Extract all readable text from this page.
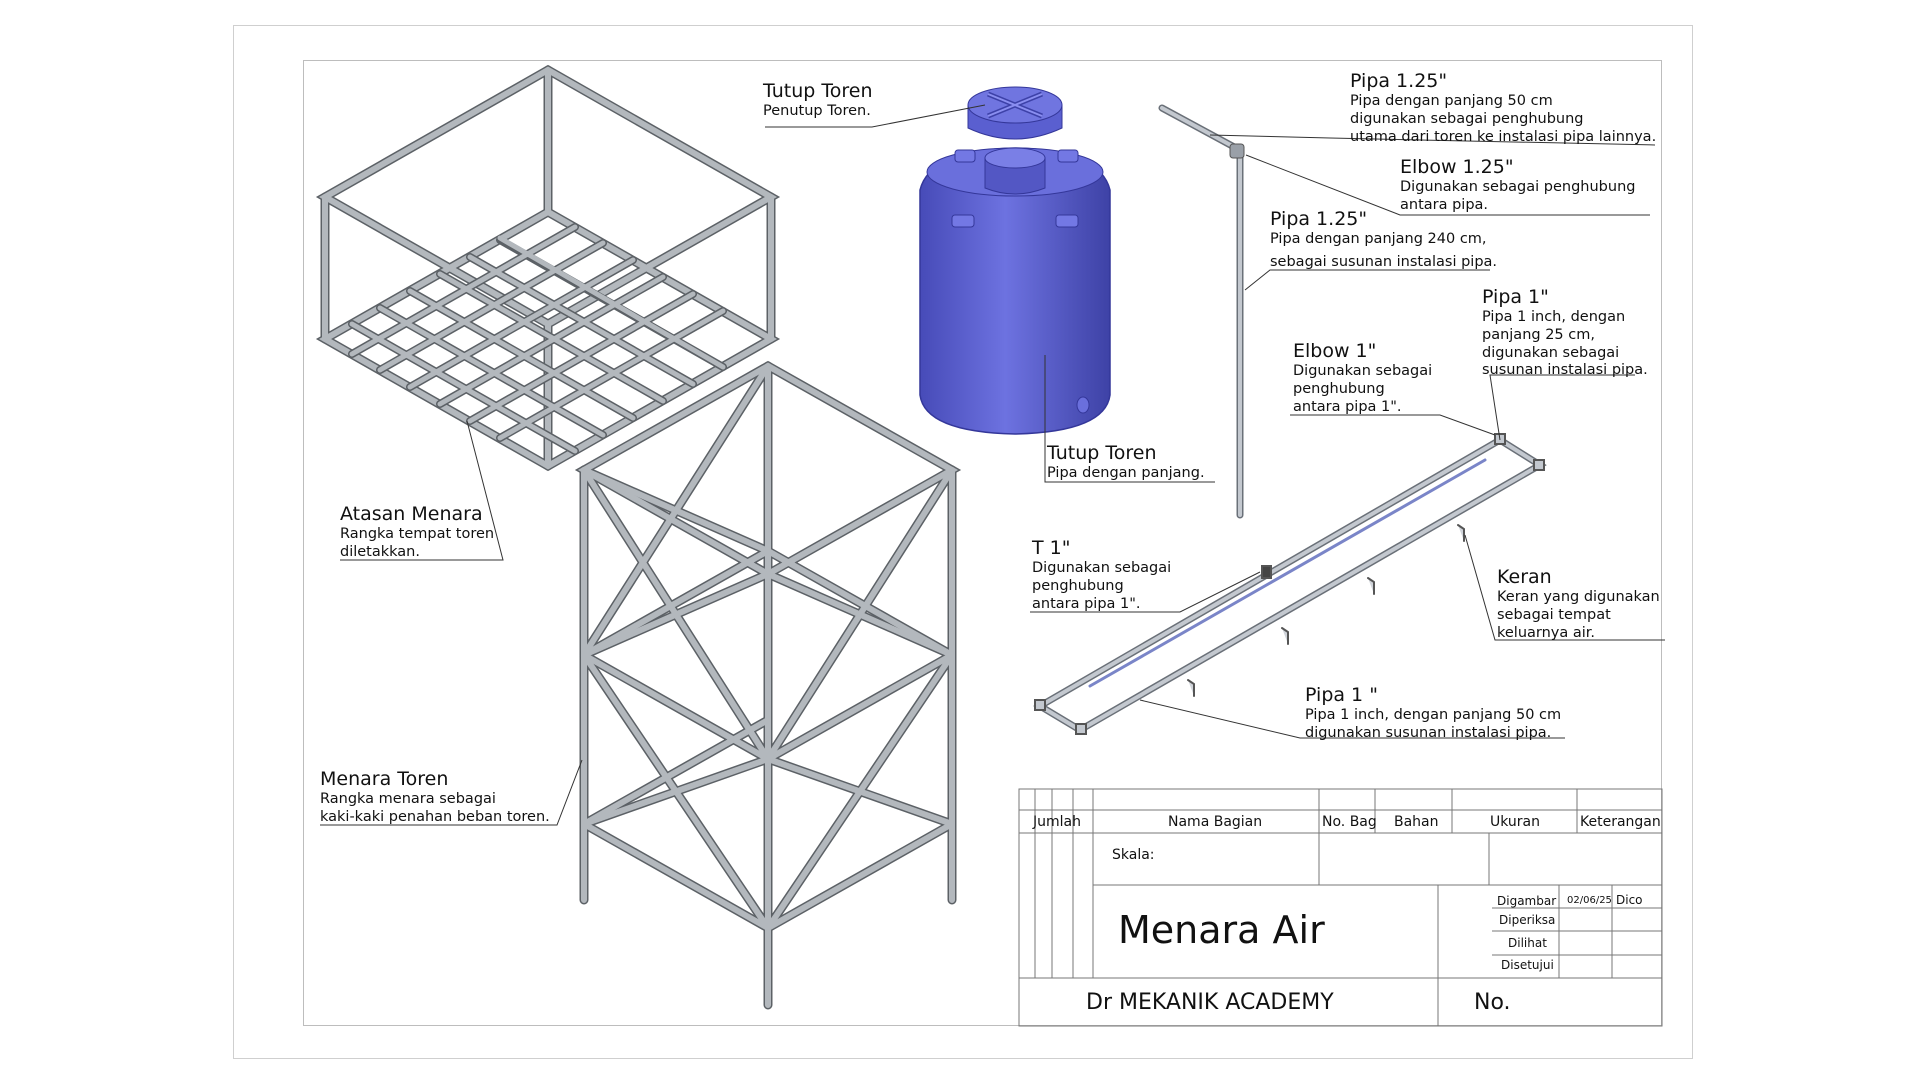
Tutup Toren
Penutup Toren.
Tutup Toren
Pipa dengan panjang.
Atasan Menara
Rangka tempat toren
diletakkan.
Menara Toren
Rangka menara sebagai
kaki-kaki penahan beban toren.
Pipa 1.25"
Pipa dengan panjang 50 cm
digunakan sebagai penghubung
utama dari toren ke instalasi pipa lainnya.
Elbow 1.25"
Digunakan sebagai penghubung
antara pipa.
Pipa 1.25"
Pipa dengan panjang 240 cm,
sebagai susunan instalasi pipa.
Pipa 1"
Pipa 1 inch, dengan
panjang 25 cm,
digunakan sebagai
susunan instalasi pipa.
Elbow 1"
Digunakan sebagai
penghubung
antara pipa 1".
T 1"
Digunakan sebagai
penghubung
antara pipa 1".
Keran
Keran yang digunakan
sebagai tempat
keluarnya air.
Pipa 1 "
Pipa 1 inch, dengan panjang 50 cm
digunakan susunan instalasi pipa.
Jumlah	Nama Bagian	No. Bag Bahan	Ukuran	Keterangan
Skala:
Menara Air
Digambar 02/06/25 Dico
Diperiksa
Dilihat
Disetujui
Dr MEKANIK ACADEMY	No.
